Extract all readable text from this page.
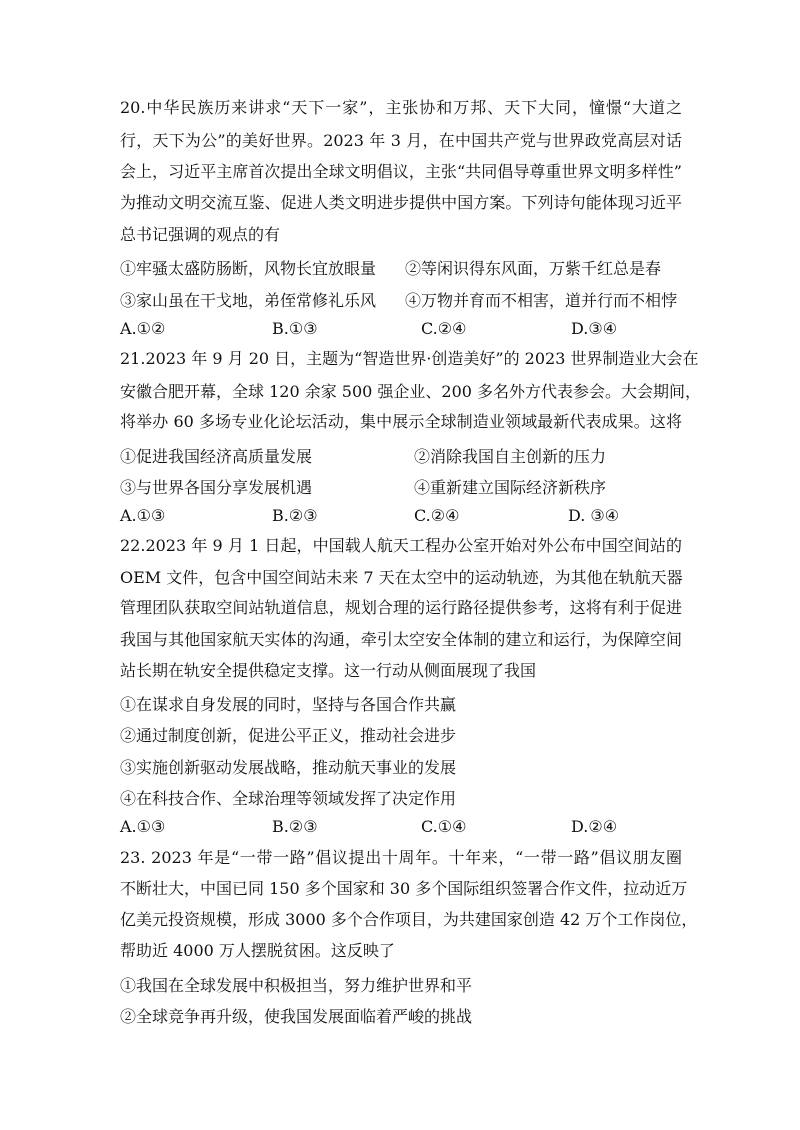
20.中华民族历来讲求“天下一家”，主张协和万邦、天下大同，憧憬“大道之
行，天下为公”的美好世界。2023 年 3 月，在中国共产党与世界政党高层对话
会上，习近平主席首次提出全球文明倡议，主张“共同倡导尊重世界文明多样性”
为推动文明交流互鉴、促进人类文明进步提供中国方案。下列诗句能体现习近平
总书记强调的观点的有
①牢骚太盛防肠断，风物长宜放眼量 ②等闲识得东风面，万紫千红总是春
③家山虽在干戈地，弟侄常修礼乐风 ④万物并育而不相害，道并行而不相悖
A.①②	B.①③	C.②④	D.③④
21.2023 年 9 月 20 日，主题为“智造世界·创造美好”的 2023 世界制造业大会在
安徽合肥开幕，全球 120 余家 500 强企业、200 多名外方代表参会。大会期间，
将举办 60 多场专业化论坛活动，集中展示全球制造业领域最新代表成果。这将
①促进我国经济高质量发展	②消除我国自主创新的压力
③与世界各国分享发展机遇	④重新建立国际经济新秩序
A.①③	B.②③	C.②④	D. ③④
22.2023 年 9 月 1 日起，中国载人航天工程办公室开始对外公布中国空间站的
OEM 文件，包含中国空间站未来 7 天在太空中的运动轨迹，为其他在轨航天器
管理团队获取空间站轨道信息，规划合理的运行路径提供参考，这将有利于促进
我国与其他国家航天实体的沟通，牵引太空安全体制的建立和运行，为保障空间
站长期在轨安全提供稳定支撑。这一行动从侧面展现了我国
①在谋求自身发展的同时，坚持与各国合作共赢
②通过制度创新，促进公平正义，推动社会进步
③实施创新驱动发展战略，推动航天事业的发展
④在科技合作、全球治理等领域发挥了决定作用
A.①③	B.②③	C.①④	D.②④
23. 2023 年是“一带一路”倡议提出十周年。十年来，“一带一路”倡议朋友圈
不断壮大，中国已同 150 多个国家和 30 多个国际组织签署合作文件，拉动近万
亿美元投资规模，形成 3000 多个合作项目，为共建国家创造 42 万个工作岗位，
帮助近 4000 万人摆脱贫困。这反映了
①我国在全球发展中积极担当，努力维护世界和平
②全球竞争再升级，使我国发展面临着严峻的挑战
